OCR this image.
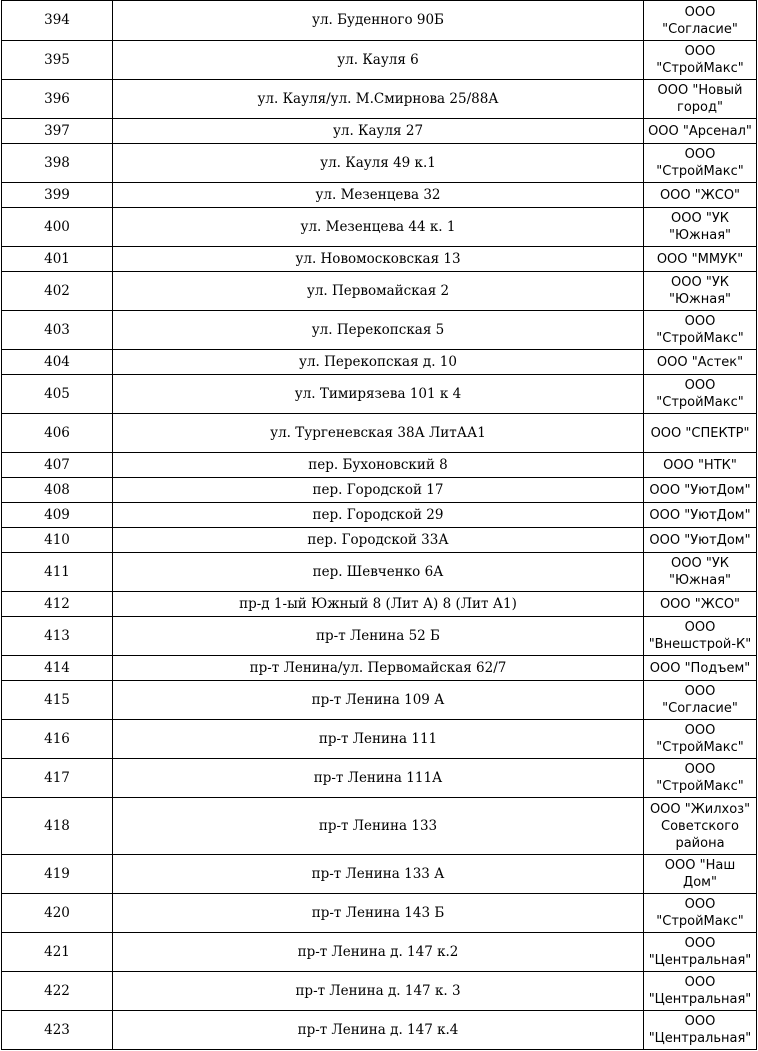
394	ул. Буденного 90Б	ООО "Согласие"
395	ул. Кауля 6	ООО "СтройМакс"
396	ул. Кауля/ул. М.Смирнова 25/88А	ООО "Новый город"
397	ул. Кауля 27	ООО "Арсенал"
398	ул. Кауля 49 к.1	ООО "СтройМакс"
399	ул. Мезенцева 32	ООО "ЖСО"
400	ул. Мезенцева 44 к. 1	ООО "УК "Южная"
401	ул. Новомосковская 13	ООО "ММУК"
402	ул. Первомайская 2	ООО "УК "Южная"
403	ул. Перекопская 5	ООО "СтройМакс"
404	ул. Перекопская д. 10	ООО "Астек"
405	ул. Тимирязева 101 к 4	ООО "СтройМакс"
406	ул. Тургеневская 38А ЛитАА1	ООО "СПЕКТР"
407	пер. Бухоновский 8	ООО "НТК"
408	пер. Городской 17	ООО "УютДом"
409	пер. Городской 29	ООО "УютДом"
410	пер. Городской 33А	ООО "УютДом"
411	пер. Шевченко 6А	ООО "УК "Южная"
412	пр-д 1-ый Южный 8 (Лит А) 8 (Лит А1)	ООО "ЖСО"
413	пр-т Ленина 52 Б	ООО "Внешстрой-К"
414	пр-т Ленина/ул. Первомайская 62/7	ООО "Подъем"
415	пр-т Ленина 109 А	ООО "Согласие"
416	пр-т Ленина 111	ООО "СтройМакс"
417	пр-т Ленина 111А	ООО "СтройМакс"
418	пр-т Ленина 133	ООО "Жилхоз" Советского района
419	пр-т Ленина 133 А	ООО "Наш Дом"
420	пр-т Ленина 143 Б	ООО "СтройМакс"
421	пр-т Ленина д. 147 к.2	ООО "Центральная"
422	пр-т Ленина д. 147 к. 3	ООО "Центральная"
423	пр-т Ленина д. 147 к.4	ООО "Центральная"
